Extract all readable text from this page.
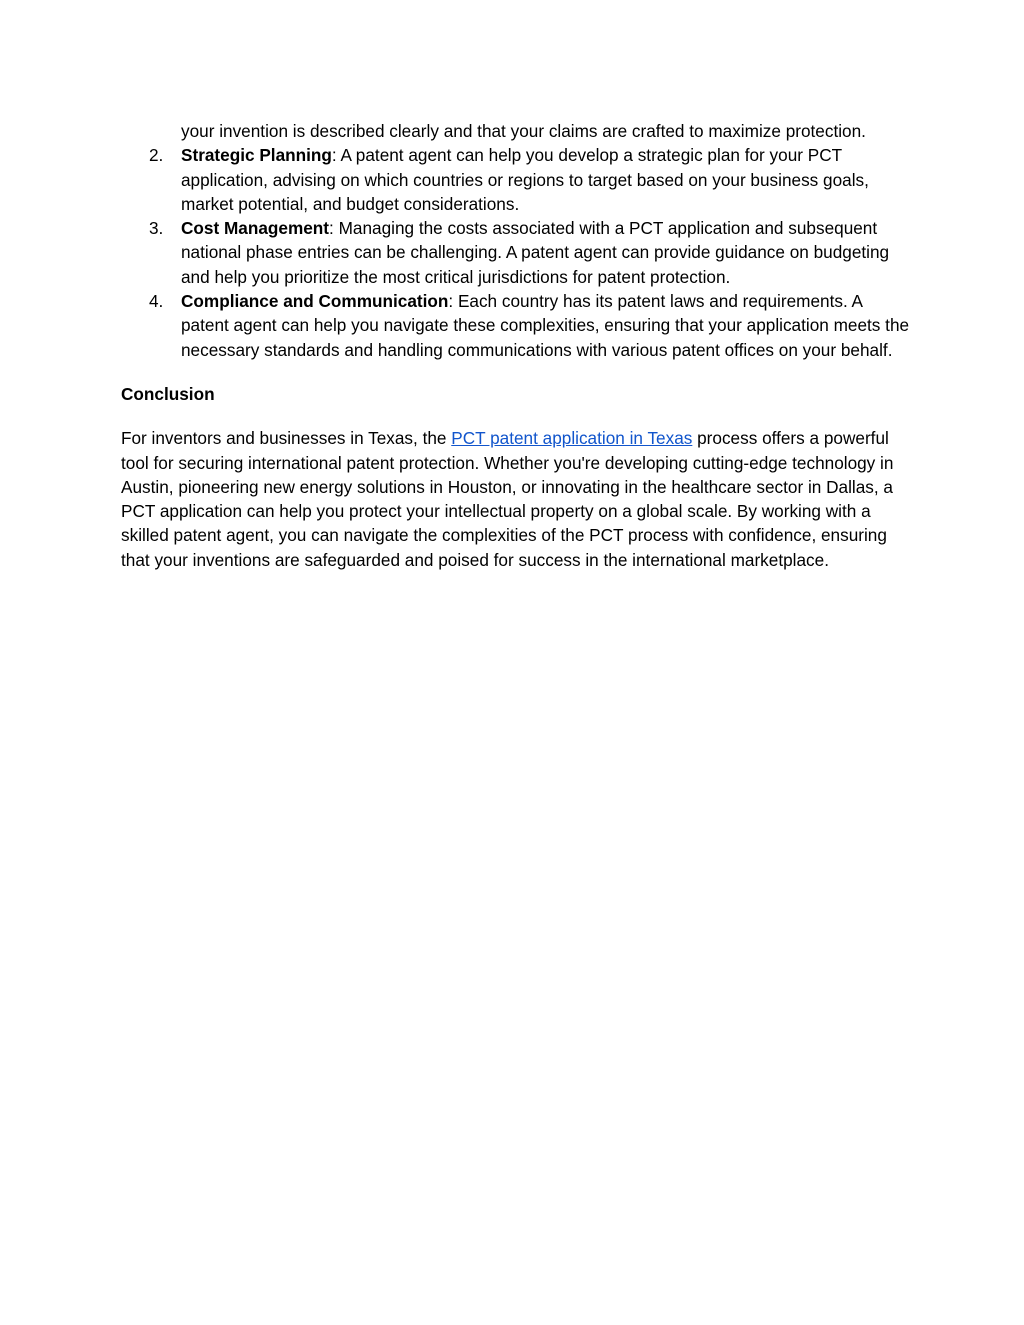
your invention is described clearly and that your claims are crafted to maximize protection.
2. Strategic Planning: A patent agent can help you develop a strategic plan for your PCT application, advising on which countries or regions to target based on your business goals, market potential, and budget considerations.
3. Cost Management: Managing the costs associated with a PCT application and subsequent national phase entries can be challenging. A patent agent can provide guidance on budgeting and help you prioritize the most critical jurisdictions for patent protection.
4. Compliance and Communication: Each country has its patent laws and requirements. A patent agent can help you navigate these complexities, ensuring that your application meets the necessary standards and handling communications with various patent offices on your behalf.
Conclusion
For inventors and businesses in Texas, the PCT patent application in Texas process offers a powerful tool for securing international patent protection. Whether you're developing cutting-edge technology in Austin, pioneering new energy solutions in Houston, or innovating in the healthcare sector in Dallas, a PCT application can help you protect your intellectual property on a global scale. By working with a skilled patent agent, you can navigate the complexities of the PCT process with confidence, ensuring that your inventions are safeguarded and poised for success in the international marketplace.
